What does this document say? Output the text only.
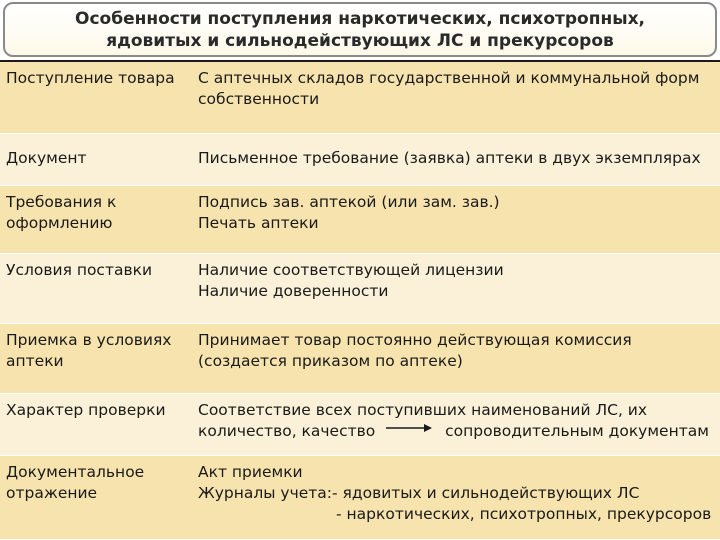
Особенности поступления наркотических, психотропных,
ядовитых и сильнодействующих ЛС и прекурсоров
Поступление товара	С аптечных складов государственной и коммунальной форм
собственности

Документ	Письменное требование (заявка) аптеки в двух экземплярах

Требования к
оформлению	Подпись зав. аптекой (или зам. зав.)
Печать аптеки

Условия поставки	Наличие соответствующей лицензии
Наличие доверенности

Приемка в условиях
аптеки	Принимает товар постоянно действующая комиссия
(создается приказом по аптеке)

Характер проверки	Соответствие всех поступивших наименований ЛС, их
количество, качество сопроводительным документам

Документальное
отражение	Акт приемки
Журналы учета:- ядовитых и сильнодействующих ЛС
- наркотических, психотропных, прекурсоров
